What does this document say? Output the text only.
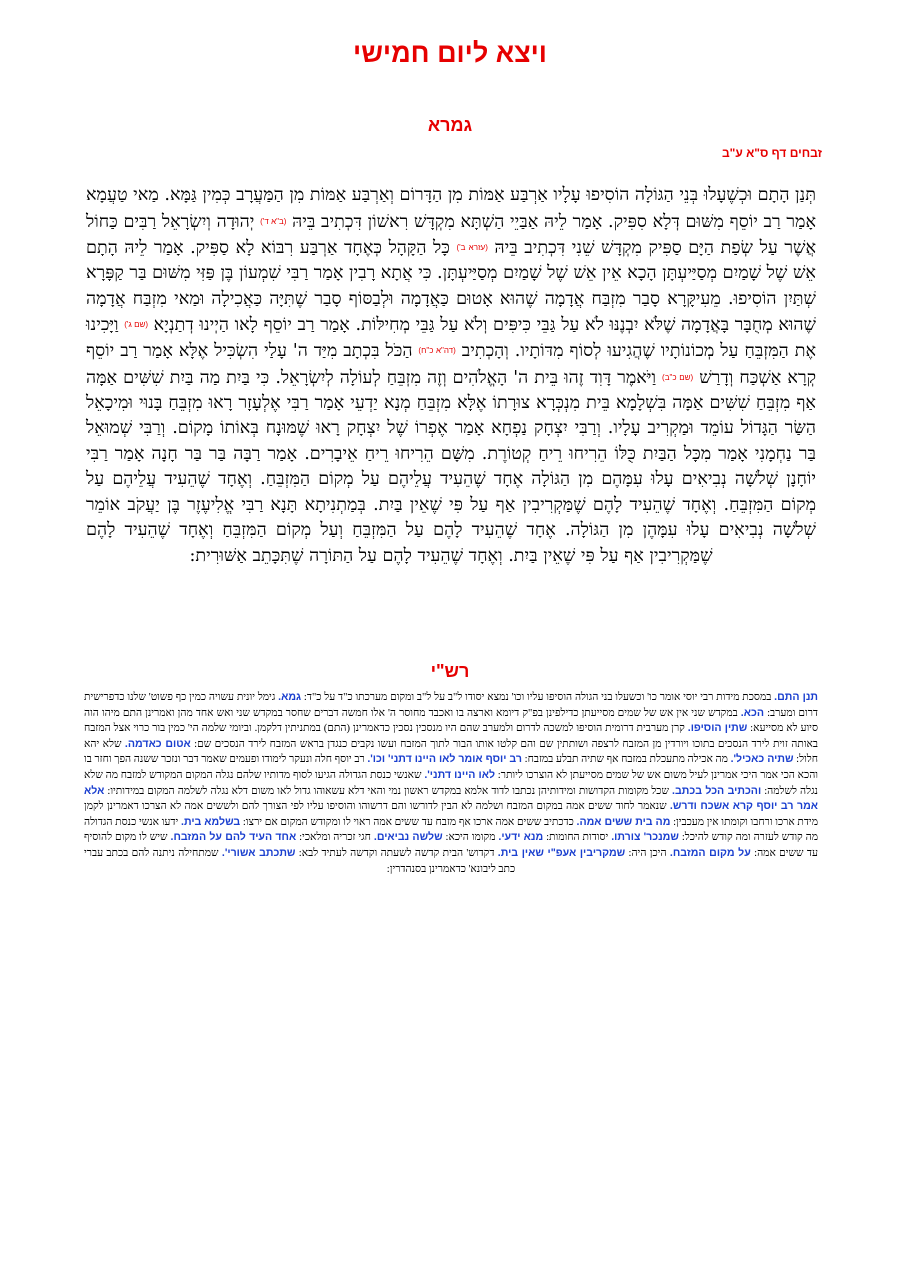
ויצא ליום חמישי
גמרא
זבחים דף ס"א ע"ב

תְּנַן הָתָם וּכְשֶׁעָלוּ בְּנֵי הַגּוֹלָה הוֹסִיפוּ עָלָיו אַרְבַּע אַמּוֹת מִן הַדָּרוֹם וְאַרְבַּע אַמּוֹת מִן הַמַּעֲרָב כְּמִין גַּמָּא. מַאי טַעֲמָא אָמַר רַב יוֹסֵף מִשּׁוּם דְּלָא סִפִּיק. אָמַר לֵיהּ אַבַּיֵי הַשְׁתָּא מִקְדָּשׁ רִאשׁוֹן דִּכְתִיב בֵּיהּ (ב"א ד') יְהוּדָה וְיִשְׂרָאֵל רַבִּים כַּחוֹל אֲשֶׁר עַל שְׂפַת הַיָּם סַפִּיק מִקְדָּשׁ שֵׁנִי דִּכְתִיב בֵּיהּ (עזרא ב') כָּל הַקָּהָל כְּאֶחָד אַרְבַּע רִבּוֹא לָא סַפִּיק. אָמַר לֵיהּ הָתָם אֵשׁ שֶׁל שָׁמַיִם מְסַיַּיעְתָּן הָכָא אֵין אֵשׁ שֶׁל שָׁמַיִם מְסַיַּיעְתָּן. כִּי אֲתָא רָבִין אָמַר רַבִּי שִׁמְעוֹן בֶּן פַּזִּי מִשּׁוּם בַּר קַפָּרָא שְׁתַּיִן הוֹסִיפוּ. מֵעִיקָּרָא סָבַר מִזְבַּח אֲדָמָה שֶׁהוּא אָטוּם כַּאֲדָמָה וּלְבַסּוֹף סָבַר שֶׁתִּיָּה כַּאֲכִילָה וּמַאי מִזְבַּח אֲדָמָה שֶׁהוּא מְחֻבָּר בָּאֲדָמָה שֶׁלֹּא יִבְנֶנּוּ לֹא עַל גַּבֵּי כִּיפִּים וְלֹא עַל גַּבֵּי מְחִילּוֹת. אָמַר רַב יוֹסֵף לָאו הַיְינוּ דְתַנְיָא (שם ג') וַיָּכִינוּ אֶת הַמִּזְבֵּחַ עַל מְכוֹנוֹתָיו שֶׁהֲגִיעוּ לְסוֹף מִדּוֹתָיו. וְהָכְתִיב (דה"א כ"ח) הַכֹּל בִּכְתָב מִיַּד ה' עָלַי הִשְׂכִּיל אֶלָּא אָמַר רַב יוֹסֵף קְרָא אַשְׁכַּח וְדָרַשׁ (שם כ"ב) וַיֹּאמֶר דָּוִד זֶהוּ בֵּית ה' הָאֱלֹהִים וְזֶה מִזְבֵּחַ לְעוֹלָה לְיִשְׂרָאֵל. כִּי בַּיִת מַה בַּיִת שִׁשִּׁים אַמָּה אַף מִזְבֵּחַ שִׁשִּׁים אַמָּה בִּשְׁלָמָא בֵּית מִנְכְּרָא צוּרָתוֹ אֶלָּא מִזְבֵּחַ מְנָא יַדְעֵי אָמַר רַבִּי אֶלְעָזָר רָאוּ מִזְבֵּחַ בָּנוּי וּמִיכָאֵל הַשַּׂר הַגָּדוֹל עוֹמֵד וּמַקְרִיב עָלָיו. וְרַבִּי יִצְחָק נַפְחָא אָמַר אֶפְרוֹ שֶׁל יִצְחָק רָאוּ שֶׁמּוּנָח בְּאוֹתוֹ מָקוֹם. וְרַבִּי שְׁמוּאֵל בַּר נַחְמָנִי אָמַר מִכָּל הַבַּיִת כֻּלּוֹ הֵרִיחוּ רֵיחַ קְטוֹרֶת. מִשָּׁם הֵרִיחוּ רֵיחַ אֵיבָרִים. אָמַר רַבָּה בַּר בַּר חָנָה אָמַר רַבִּי יוֹחָנָן שְׁלֹשָׁה נְבִיאִים עָלוּ עִמָּהֶם מִן הַגּוֹלָה אֶחָד שֶׁהֵעִיד עֲלֵיהֶם עַל מְקוֹם הַמִּזְבֵּחַ. וְאֶחָד שֶׁהֵעִיד עֲלֵיהֶם עַל מְקוֹם הַמִּזְבֵּחַ. וְאֶחָד שֶׁהֵעִיד לָהֶם שֶׁמַּקְרִיבִין אַף עַל פִּי שֶׁאֵין בַּיִת. בְּמַתְנִיתָא תָּנָא רַבִּי אֱלִיעֶזֶר בֶּן יַעֲקֹב אוֹמֵר שְׁלֹשָׁה נְבִיאִים עָלוּ עִמָּהֶן מִן הַגּוֹלָה. אֶחָד שֶׁהֵעִיד לָהֶם עַל הַמִּזְבֵּחַ וְעַל מְקוֹם הַמִּזְבֵּחַ וְאֶחָד שֶׁהֵעִיד לָהֶם שֶׁמַּקְרִיבִין אַף עַל פִּי שֶׁאֵין בַּיִת. וְאֶחָד שֶׁהֵעִיד לָהֶם עַל הַתּוֹרָה שֶׁתִּכָּתֵב אַשּׁוּרִית:

רש"י

תנן התם. במסכת מידות רבי יוסי אומר כו' וכשעלו בני הגולה הוסיפו עליו וכו' נמצא יסודו ל"ב על ל"ב ומקום מערכתו כ"ד על כ"ד: גמא. גימל יונית עשויה כמין כף פשוט' שלנו כדפרישית דרום ומערב: הכא. במקדש שני אין אש של שמים מסייעתן כדילפינן בפ"ק דיומא וארצה בו ואכבד מחוסר ה' אלו חמשה דברים שחסר במקדש שני ואש אחד מהן ואמרינן התם מיהו הוה סיוע לא מסייעא: שתין הוסיפו. קרן מערבית דרומית הוסיפו למשכה לדרום ולמערב שהם היו מנסכין נסכין כדאמרינן (התם) במתניתין דלקמן. וביומי שלמה הי' כמין בור כרוי אצל המזבח באותה זוית לירד הנסכים בתוכו ויורדין מן המזבח לרצפה ושותתין שם והם קלטו אותו הבור לתוך המזבח ועשו נקבים כנגדן בראש המזבח לירד הנסכים שם: אטום כאדמה. שלא יהא חלול: שתיה כאכיל'. מה אכילה מתעכלת במזבח אף שתיה תבלע במזבח: רב יוסף אומר לאו היינו דתני' וכו'. רב יוסף חלה ונעקר לימודו ופעמים שאמר דבר ונזכר ששנה הפך וחזר בו והכא הכי אמר היכי אמרינן לעיל משום אש של שמים מסייעתן לא הוצרכו ליותר: לאו היינו דתני'. שאנשי כנסת הגדולה הגיעו לסוף מדותיו שלהם נגלה המקום המקודש למזבח מה שלא נגלה לשלמה: והכתיב הכל בכתב. שכל מקומות הקדושות ומידותיהן נכתבו לדוד אלמא במקדש ראשון נמי והאי דלא עשאוהו גדול לאו משום דלא נגלה לשלמה המקום במידותיו: אלא אמר רב יוסף קרא אשכח ודרש. שנאמר לחוד ששים אמה במקום המזבח ושלמה לא הבין לדורשו והם דרשוהו והוסיפו עליו לפי הצורך להם ולששים אמה לא הצרכו דאמרינן לקמן מידת ארכו ורחבו וקומתו אין מעכבין: מה בית ששים אמה. כדכתיב ששים אמה ארכו אף מזבח עד ששים אמה ראוי לו ומקודש המקום אם ירצו: בשלמא בית. ידעו אנשי כנסת הגדולה מה קודש לעזרה ומה קודש להיכל: שמנכר' צורתו. יסודות החומות: מנא ידעי. מקומו היכא: שלשה נביאים. חגי זכריה ומלאכי: אחד העיד להם על המזבח. שיש לו מקום להוסיף עד ששים אמה: על מקום המזבח. היכן היה: שמקריבין אעפ"י שאין בית. דקדוש' הבית קדשה לשעתה וקדשה לעתיד לבא: שתכתב אשורי'. שמתחילה ניתנה להם בכתב עברי כתב ליבונא' כדאמרינן בסנהדרין:
